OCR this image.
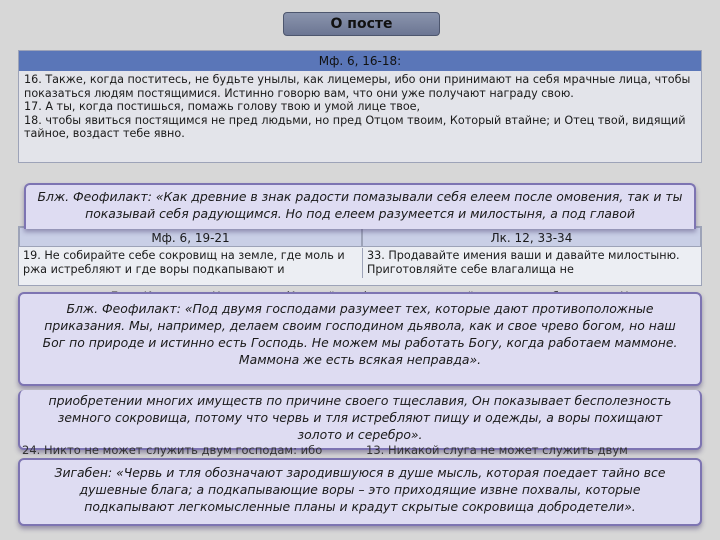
О посте
Мф. 6, 16-18:

16. Также, когда поститесь, не будьте унылы, как лицемеры, ибо они принимают на себя мрачные лица, чтобы показаться людям постящимися. Истинно говорю вам, что они уже получают награду свою.

17. А ты, когда постишься, помажь голову твою и умой лице твое,

18. чтобы явиться постящимся не пред людьми, но пред Отцом твоим, Который втайне; и Отец твой, видящий тайное, воздаст тебе явно.

Мф. 6, 19-21	Лк. 12, 33-34
19. Не собирайте себе сокровищ на земле, где моль и ржа истребляют и где воры подкапывают и
33. Продавайте имения ваши и давайте милостыню. Приготовляйте себе влагалища не
Блж. Феофилакт: «Как древние в знак радости помазывали себя елеем после омовения, так и ты показывай себя радующимся. Но под елеем разумеется и милостыня, а под главой
Блж. Феофилакт: «Под двумя господами разумеет тех, которые дают противоположные приказания. Мы, например, делаем своим господином дьявола, как и свое чрево богом, но наш Бог по природе и истинно есть Господь. Не можем мы работать Богу, когда работаем маммоне. Маммона же есть всякая неправда».
приобретении многих имуществ по причине своего тщеславия, Он показывает бесполезность земного сокровища, потому что червь и тля истребляют пищу и одежды, а воры похищают золото и серебро».
24. Никто не может служить двум господам: ибо	13. Никакой слуга не может служить двум
Зигабен: «Червь и тля обозначают зародившуюся в душе мысль, которая поедает тайно все душевные блага; а подкапывающие воры – это приходящие извне похвалы, которые подкапывают легкомысленные планы и крадут скрытые сокровища добродетели».
